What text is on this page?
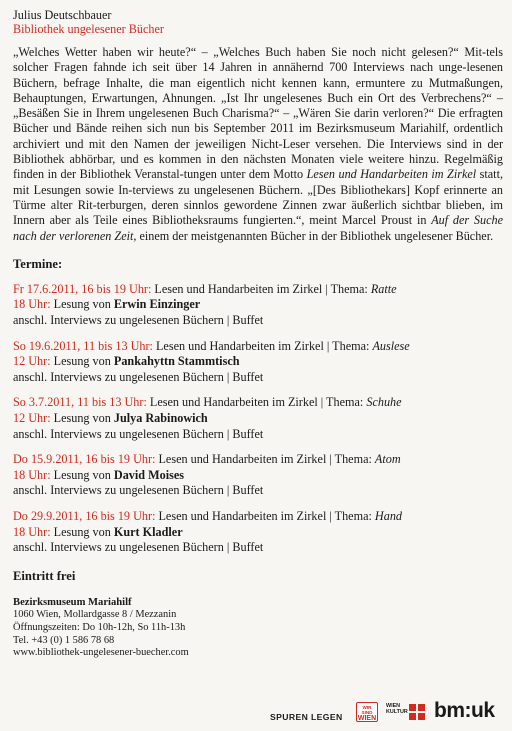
Julius Deutschbauer
Bibliothek ungelesener Bücher
„Welches Wetter haben wir heute?“ – „Welches Buch haben Sie noch nicht gelesen?“ Mit-tels solcher Fragen fahnde ich seit über 14 Jahren in annähernd 700 Interviews nach unge-lesenen Büchern, befrage Inhalte, die man eigentlich nicht kennen kann, ermuntere zu Mutmaßungen, Behauptungen, Erwartungen, Ahnungen. „Ist Ihr ungelesenes Buch ein Ort des Verbrechens?“ – „Besäßen Sie in Ihrem ungelesenen Buch Charisma?“ – „Wären Sie darin verloren?“ Die erfragten Bücher und Bände reihen sich nun bis September 2011 im Bezirksmuseum Mariahilf, ordentlich archiviert und mit den Namen der jeweiligen Nicht-Leser versehen. Die Interviews sind in der Bibliothek abhörbar, und es kommen in den nächsten Monaten viele weitere hinzu. Regelmäßig finden in der Bibliothek Veranstal-tungen unter dem Motto Lesen und Handarbeiten im Zirkel statt, mit Lesungen sowie In-terviews zu ungelesenen Büchern. „[Des Bibliothekars] Kopf erinnerte an Türme alter Rit-terburgen, deren sinnlos gewordene Zinnen zwar äußerlich sichtbar blieben, im Innern aber als Teile eines Bibliotheksraums fungierten.“, meint Marcel Proust in Auf der Suche nach der verlorenen Zeit, einem der meistgenannten Bücher in der Bibliothek ungelesener Bücher.
Termine:
Fr 17.6.2011, 16 bis 19 Uhr: Lesen und Handarbeiten im Zirkel | Thema: Ratte
18 Uhr: Lesung von Erwin Einzinger
anschl. Interviews zu ungelesenen Büchern | Buffet
So 19.6.2011, 11 bis 13 Uhr: Lesen und Handarbeiten im Zirkel | Thema: Auslese
12 Uhr: Lesung von Pankahyttn Stammtisch
anschl. Interviews zu ungelesenen Büchern | Buffet
So 3.7.2011, 11 bis 13 Uhr: Lesen und Handarbeiten im Zirkel | Thema: Schuhe
12 Uhr: Lesung von Julya Rabinowich
anschl. Interviews zu ungelesenen Büchern | Buffet
Do 15.9.2011, 16 bis 19 Uhr: Lesen und Handarbeiten im Zirkel | Thema: Atom
18 Uhr: Lesung von David Moises
anschl. Interviews zu ungelesenen Büchern | Buffet
Do 29.9.2011, 16 bis 19 Uhr: Lesen und Handarbeiten im Zirkel | Thema: Hand
18 Uhr: Lesung von Kurt Kladler
anschl. Interviews zu ungelesenen Büchern | Buffet
Eintritt frei
Bezirksmuseum Mariahilf
1060 Wien, Mollardgasse 8 / Mezzanin
Öffnungszeiten: Do 10h-12h, So 11h-13h
Tel. +43 (0) 1 586 78 68
www.bibliothek-ungelesener-buecher.com
SPUREN LEGEN
WIR SIND
WIEN
WIEN
KULTUR bm:uk
